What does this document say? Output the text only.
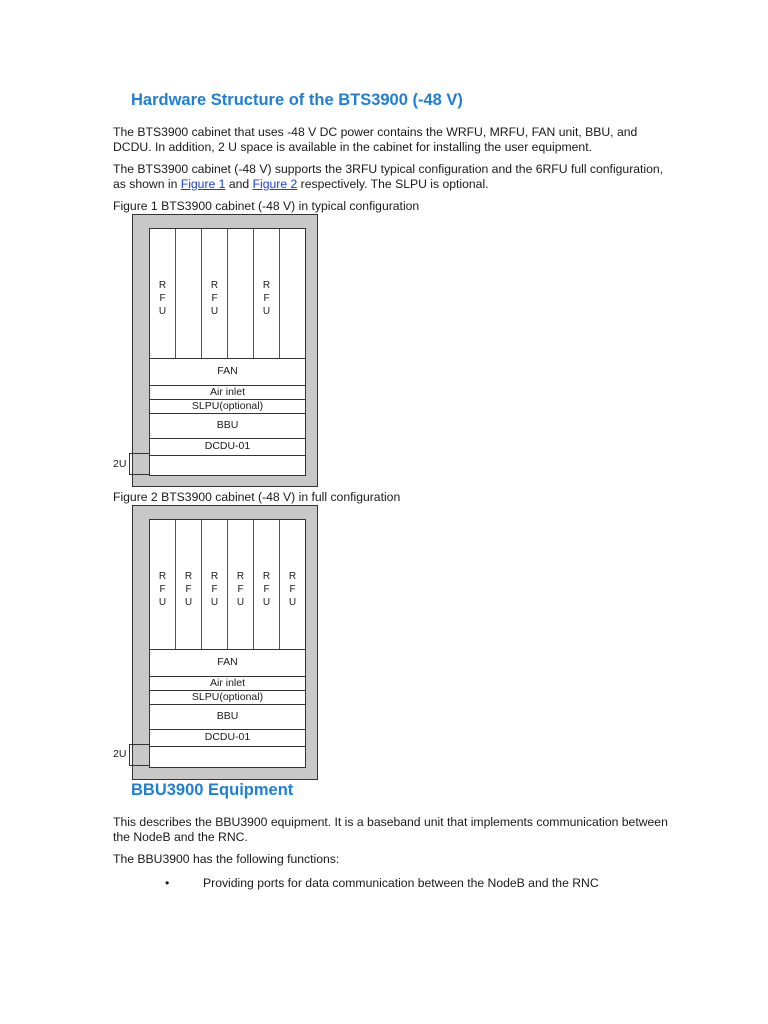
Hardware Structure of the BTS3900 (-48 V)
The BTS3900 cabinet that uses -48 V DC power contains the WRFU, MRFU, FAN unit, BBU, and DCDU. In addition, 2 U space is available in the cabinet for installing the user equipment.
The BTS3900 cabinet (-48 V) supports the 3RFU typical configuration and the 6RFU full configuration, as shown in Figure 1 and Figure 2 respectively. The SLPU is optional.
Figure 1 BTS3900 cabinet (-48 V) in typical configuration
R
F
U
R
F
U
R
F
U
FAN
Air inlet
SLPU(optional)
BBU
DCDU-01
2U
Figure 2 BTS3900 cabinet (-48 V) in full configuration
R
F
U
R
F
U
R
F
U
R
F
U
R
F
U
R
F
U
FAN
Air inlet
SLPU(optional)
BBU
DCDU-01
2U
BBU3900 Equipment
This describes the BBU3900 equipment. It is a baseband unit that implements communication between the NodeB and the RNC.
The BBU3900 has the following functions:
•	Providing ports for data communication between the NodeB and the RNC
